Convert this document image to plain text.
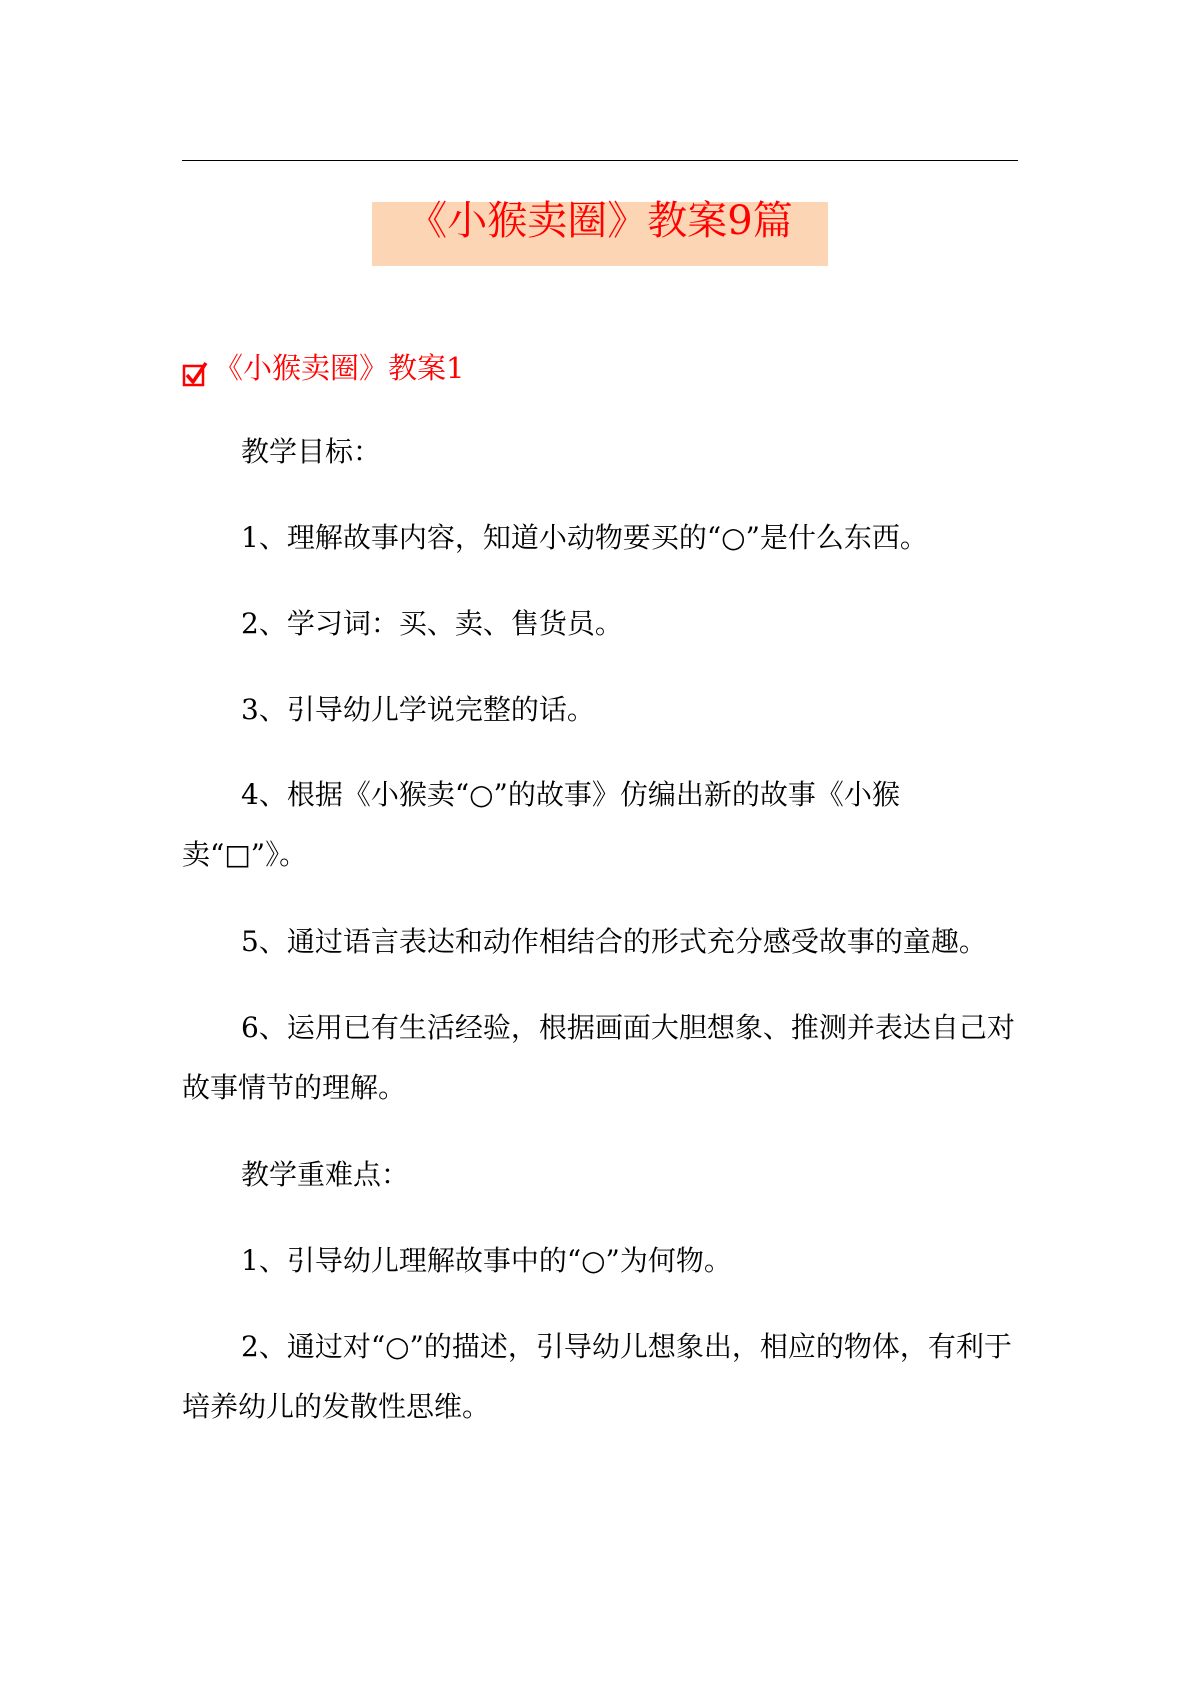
《小猴卖圈》教案9篇
《小猴卖圈》教案1
教学目标：
1、理解故事内容，知道小动物要买的“○”是什么东西。
2、学习词：买、卖、售货员。
3、引导幼儿学说完整的话。
4、根据《小猴卖“○”的故事》仿编出新的故事《小猴卖“□”》。
5、通过语言表达和动作相结合的形式充分感受故事的童趣。
6、运用已有生活经验，根据画面大胆想象、推测并表达自己对故事情节的理解。
教学重难点：
1、引导幼儿理解故事中的“○”为何物。
2、通过对“○”的描述，引导幼儿想象出，相应的物体，有利于培养幼儿的发散性思维。
